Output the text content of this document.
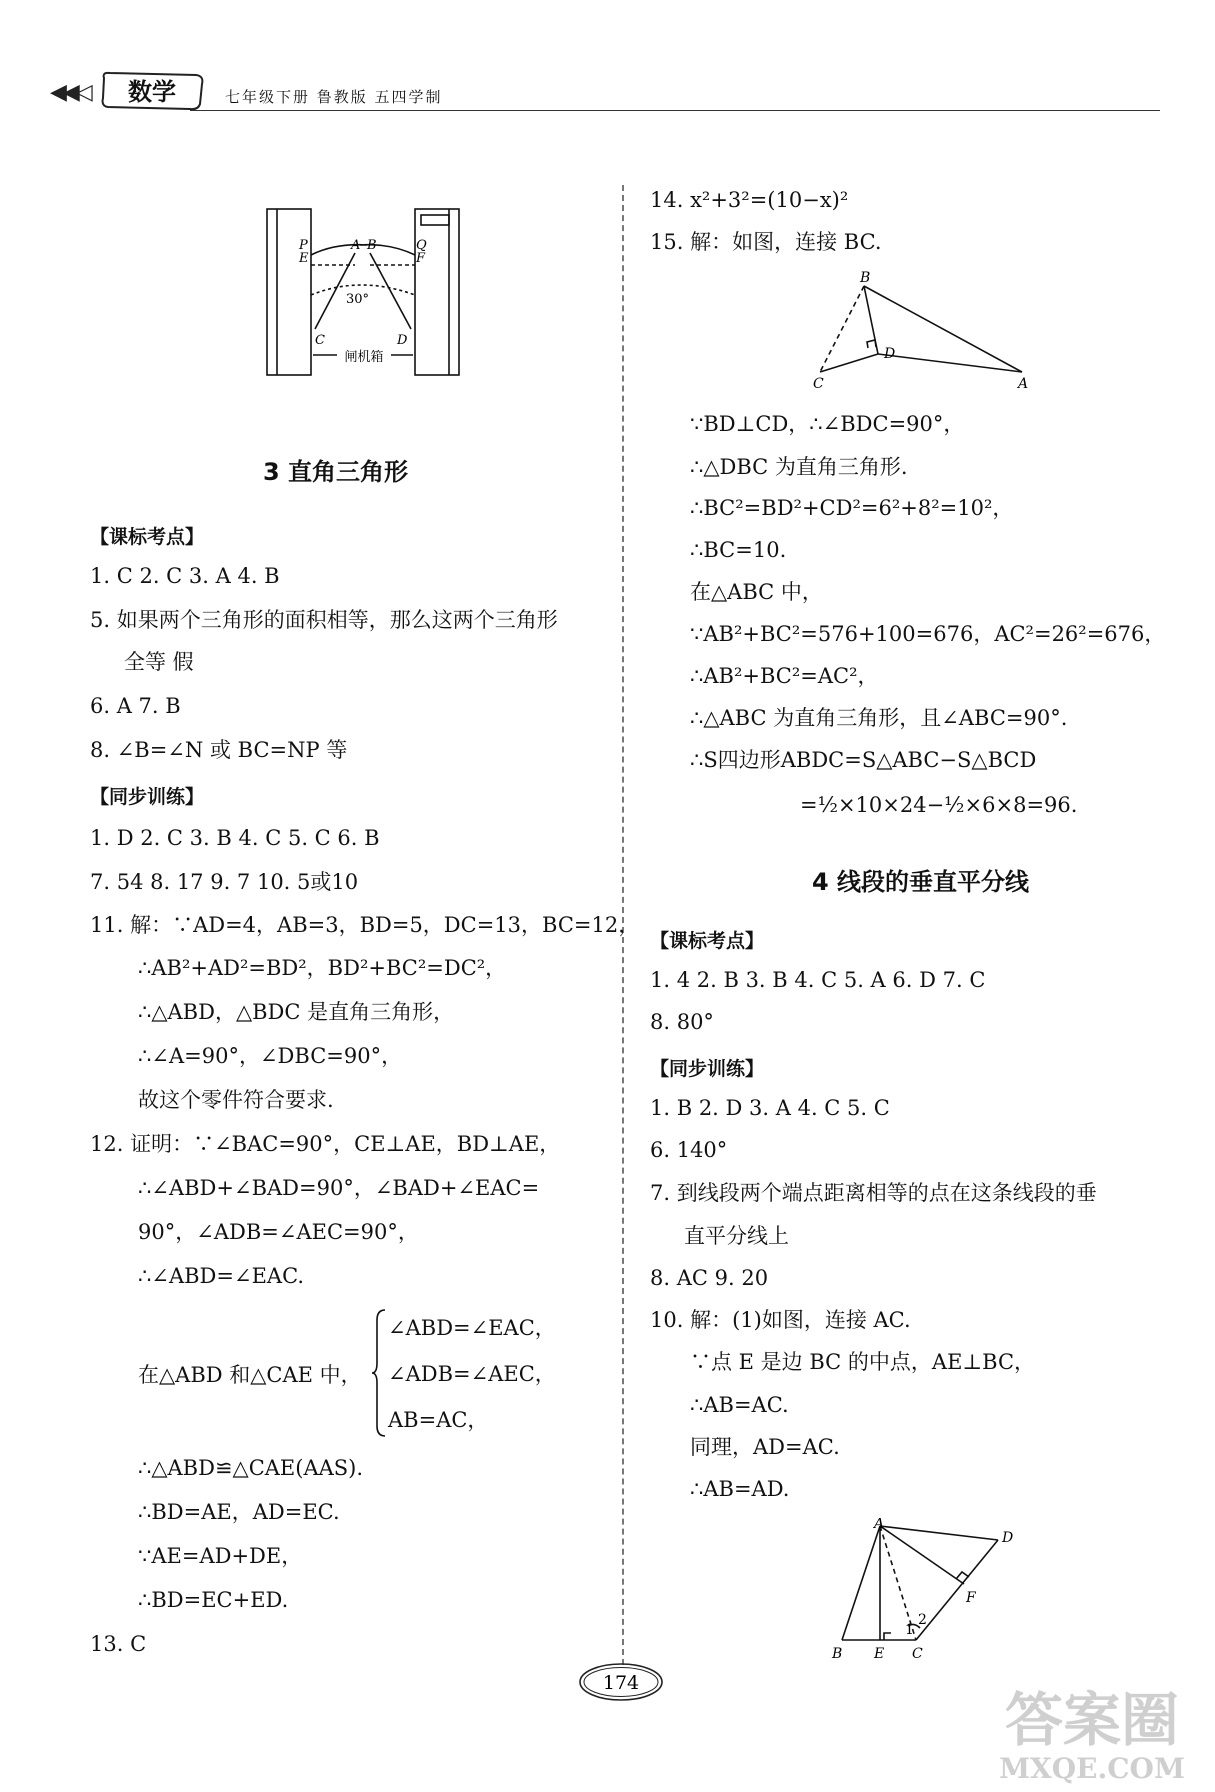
◀◀◁ 数学	七年级下册 鲁教版 五四学制
P
E
A B	Q
F
30°
C	D
闸机箱
3 直角三角形
【课标考点】
1. C 2. C 3. A 4. B
5. 如果两个三角形的面积相等，那么这两个三角形
全等 假
6. A 7. B
8. ∠B=∠N 或 BC=NP 等
【同步训练】
1. D 2. C 3. B 4. C 5. C 6. B
7. 54 8. 17 9. 7 10. 5或10
11. 解：∵AD=4，AB=3，BD=5，DC=13，BC=12，
∴AB²+AD²=BD²，BD²+BC²=DC²，
∴△ABD，△BDC 是直角三角形，
∴∠A=90°，∠DBC=90°，
故这个零件符合要求.
12. 证明：∵∠BAC=90°，CE⊥AE，BD⊥AE，
∴∠ABD+∠BAD=90°，∠BAD+∠EAC=
90°，∠ADB=∠AEC=90°，
∴∠ABD=∠EAC.
在△ABD 和△CAE 中，
∠ABD=∠EAC，
∠ADB=∠AEC，
AB=AC，
∴△ABD≌△CAE(AAS).
∴BD=AE，AD=EC.
∵AE=AD+DE，
∴BD=EC+ED.
13. C
14. x²+3²=(10−x)²
15. 解：如图，连接 BC.
B
D
C	A
∵BD⊥CD，∴∠BDC=90°，
∴△DBC 为直角三角形.
∴BC²=BD²+CD²=6²+8²=10²，
∴BC=10.
在△ABC 中，
∵AB²+BC²=576+100=676，AC²=26²=676，
∴AB²+BC²=AC²，
∴△ABC 为直角三角形，且∠ABC=90°.
∴S四边形ABDC=S△ABC−S△BCD
=½×10×24−½×6×8=96.
4 线段的垂直平分线
【课标考点】
1. 4 2. B 3. B 4. C 5. A 6. D 7. C
8. 80°
【同步训练】
1. B 2. D 3. A 4. C 5. C
6. 140°
7. 到线段两个端点距离相等的点在这条线段的垂
直平分线上
8. AC 9. 20
10. 解：(1)如图，连接 AC.
∵点 E 是边 BC 的中点，AE⊥BC，
∴AB=AC.
同理，AD=AC.
∴AB=AD.
A
D
F
2
1
B E C
174
答案圈
MXQE.COM
